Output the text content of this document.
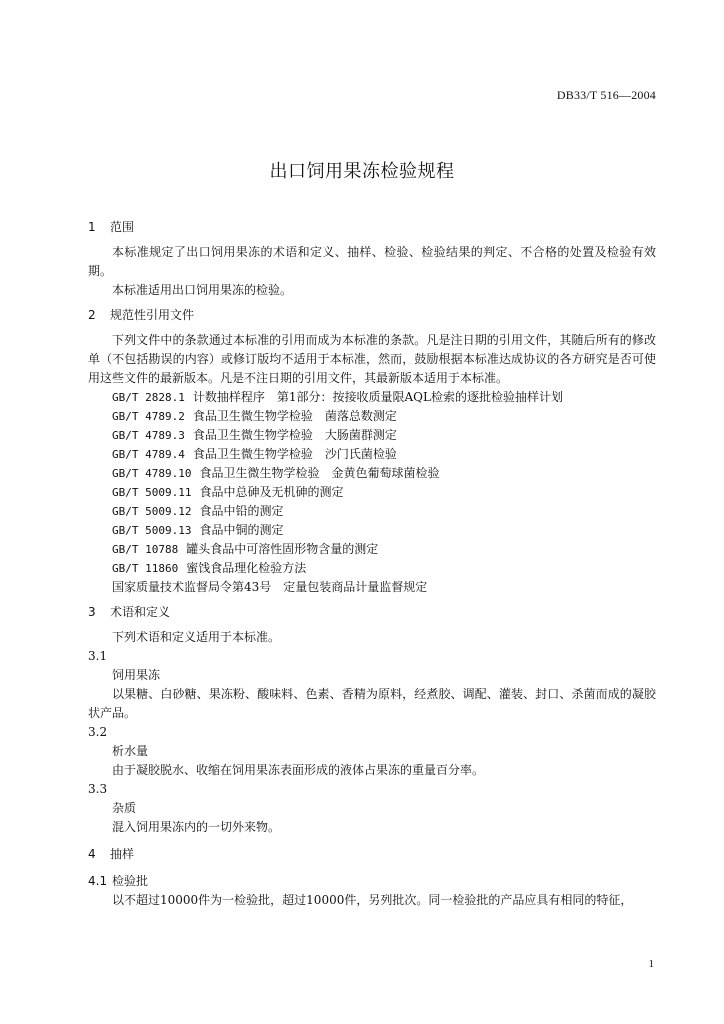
DB33/T 516—2004
出口饲用果冻检验规程
1	范围
本标准规定了出口饲用果冻的术语和定义、抽样、检验、检验结果的判定、不合格的处置及检验有效期。
本标准适用出口饲用果冻的检验。
2	规范性引用文件
下列文件中的条款通过本标准的引用而成为本标准的条款。凡是注日期的引用文件，其随后所有的修改单（不包括勘误的内容）或修订版均不适用于本标准，然而，鼓励根据本标准达成协议的各方研究是否可使用这些文件的最新版本。凡是不注日期的引用文件，其最新版本适用于本标准。
GB/T 2828.1 计数抽样程序　第1部分：按接收质量限AQL检索的逐批检验抽样计划
GB/T 4789.2 食品卫生微生物学检验　菌落总数测定
GB/T 4789.3 食品卫生微生物学检验　大肠菌群测定
GB/T 4789.4 食品卫生微生物学检验　沙门氏菌检验
GB/T 4789.10 食品卫生微生物学检验　金黄色葡萄球菌检验
GB/T 5009.11 食品中总砷及无机砷的测定
GB/T 5009.12 食品中铅的测定
GB/T 5009.13 食品中铜的测定
GB/T 10788 罐头食品中可溶性固形物含量的测定
GB/T 11860 蜜饯食品理化检验方法
国家质量技术监督局令第43号　定量包装商品计量监督规定
3	术语和定义
下列术语和定义适用于本标准。
3.1
饲用果冻
以果糖、白砂糖、果冻粉、酸味料、色素、香精为原料，经煮胶、调配、灌装、封口、杀菌而成的凝胶状产品。
3.2
析水量
由于凝胶脱水、收缩在饲用果冻表面形成的液体占果冻的重量百分率。
3.3
杂质
混入饲用果冻内的一切外来物。
4	抽样
4.1 检验批
以不超过10000件为一检验批，超过10000件，另列批次。同一检验批的产品应具有相同的特征，
1
